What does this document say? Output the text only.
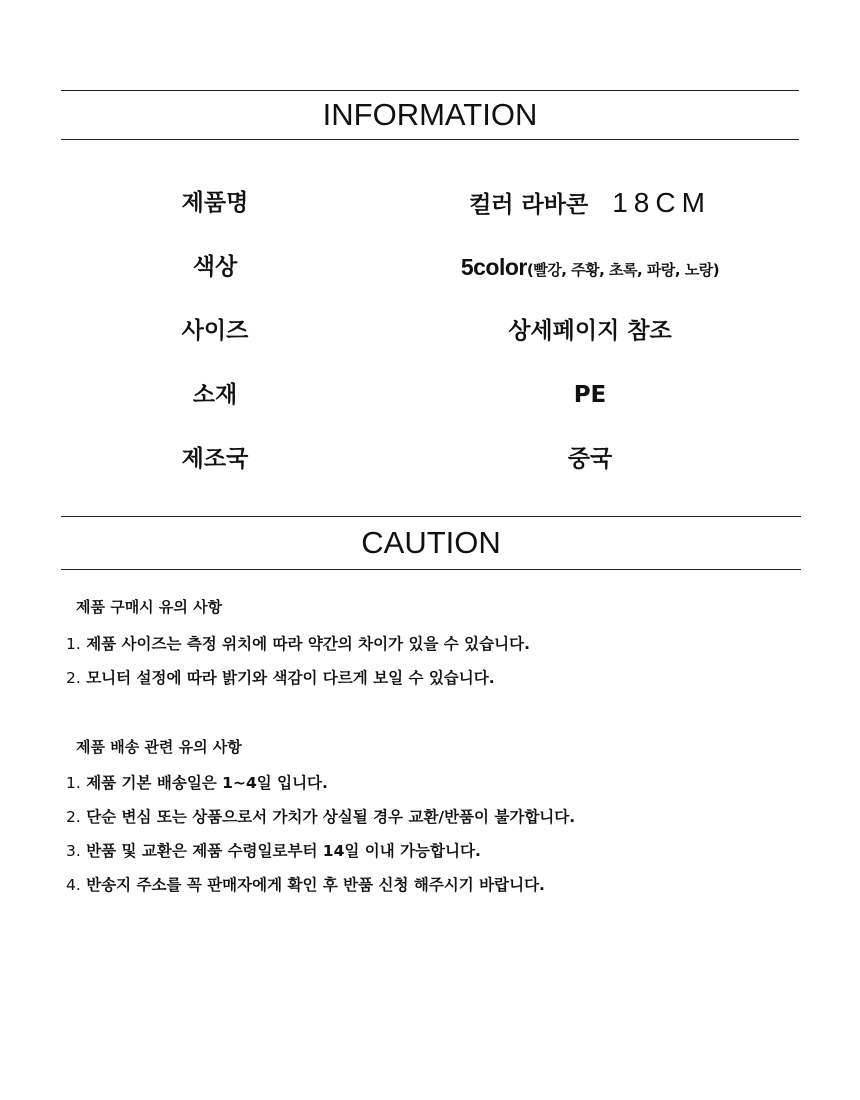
INFORMATION
제품명	컬러 라바콘 18CM
색상	5color(빨강, 주황, 초록, 파랑, 노랑)
사이즈	상세페이지 참조
소재	PE
제조국	중국
CAUTION
제품 구매시 유의 사항
1. 제품 사이즈는 측정 위치에 따라 약간의 차이가 있을 수 있습니다.
2. 모니터 설정에 따라 밝기와 색감이 다르게 보일 수 있습니다.
제품 배송 관련 유의 사항
1. 제품 기본 배송일은 1~4일 입니다.
2. 단순 변심 또는 상품으로서 가치가 상실될 경우 교환/반품이 불가합니다.
3. 반품 및 교환은 제품 수령일로부터 14일 이내 가능합니다.
4. 반송지 주소를 꼭 판매자에게 확인 후 반품 신청 해주시기 바랍니다.
